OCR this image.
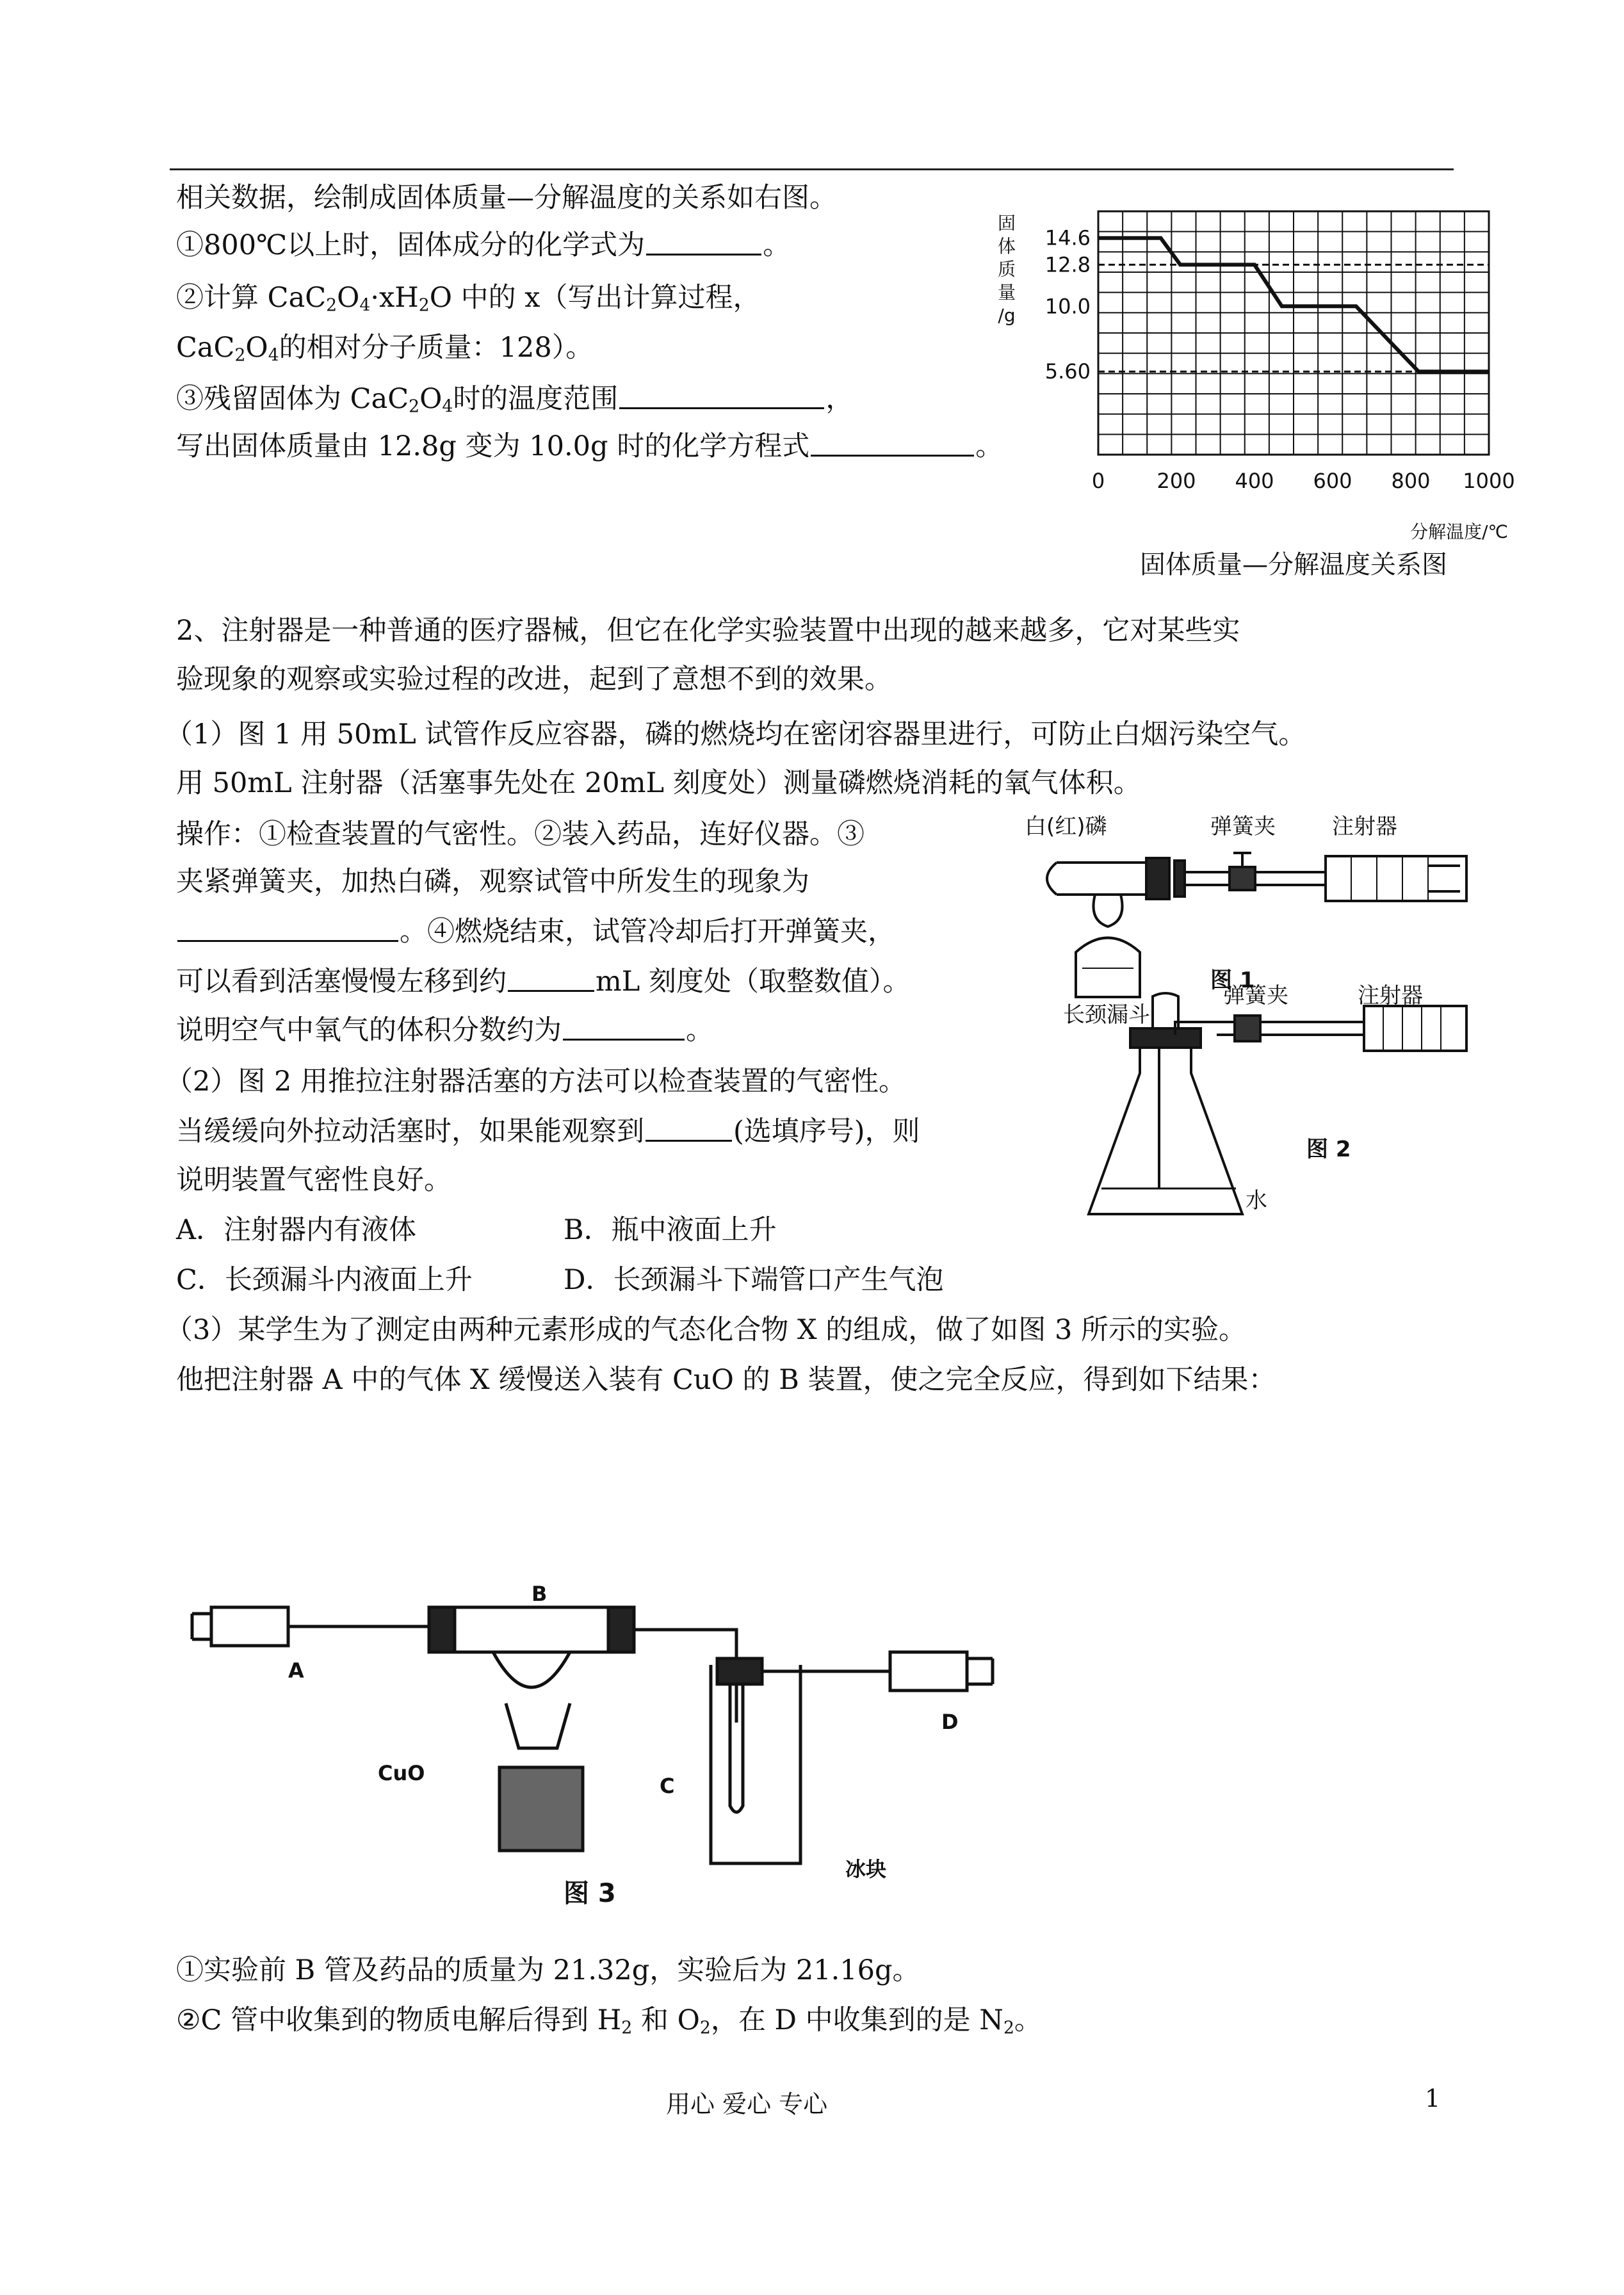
相关数据，绘制成固体质量—分解温度的关系如右图。
①800℃以上时，固体成分的化学式为	。
②计算 $CaC_2O_4\cdot xH_2O$ 中的 x（写出计算过程，
$CaC_2O_4$的相对分子质量：128）。
③残留固体为 $CaC_2O_4$时的温度范围	，
写出固体质量由 12.8g 变为 10.0g 时的化学方程式	。
14.6
12.8
10.0
5.60
0	200 400 600 800 1000
固
体
质
量
/g
分解温度/℃
固体质量—分解温度关系图
2、注射器是一种普通的医疗器械，但它在化学实验装置中出现的越来越多，它对某些实
验现象的观察或实验过程的改进，起到了意想不到的效果。
（1）图 1 用 50mL 试管作反应容器，磷的燃烧均在密闭容器里进行，可防止白烟污染空气。
用 50mL 注射器（活塞事先处在 20mL 刻度处）测量磷燃烧消耗的氧气体积。
操作：①检查装置的气密性。②装入药品，连好仪器。③
夹紧弹簧夹，加热白磷，观察试管中所发生的现象为
。④燃烧结束，试管冷却后打开弹簧夹，
可以看到活塞慢慢左移到约	mL 刻度处（取整数值）。
说明空气中氧气的体积分数约为	。
（2）图 2 用推拉注射器活塞的方法可以检查装置的气密性。
当缓缓向外拉动活塞时，如果能观察到	(选填序号)，则
说明装置气密性良好。
A．注射器内有液体	B．瓶中液面上升
C．长颈漏斗内液面上升	D．长颈漏斗下端管口产生气泡
（3）某学生为了测定由两种元素形成的气态化合物 X 的组成，做了如图 3 所示的实验。
他把注射器 A 中的气体 X 缓慢送入装有 CuO 的 B 装置，使之完全反应，得到如下结果：
白(红)磷	弹簧夹	注射器
图 1
长颈漏斗
弹簧夹	注射器
水
图 2
A
B
C
D
CuO
冰块
图 3
①实验前 B 管及药品的质量为 21.32g，实验后为 21.16g。
②C 管中收集到的物质电解后得到 $H_2$ 和 $O_2$，在 D 中收集到的是 $N_2$。
用心 爱心 专心	1
